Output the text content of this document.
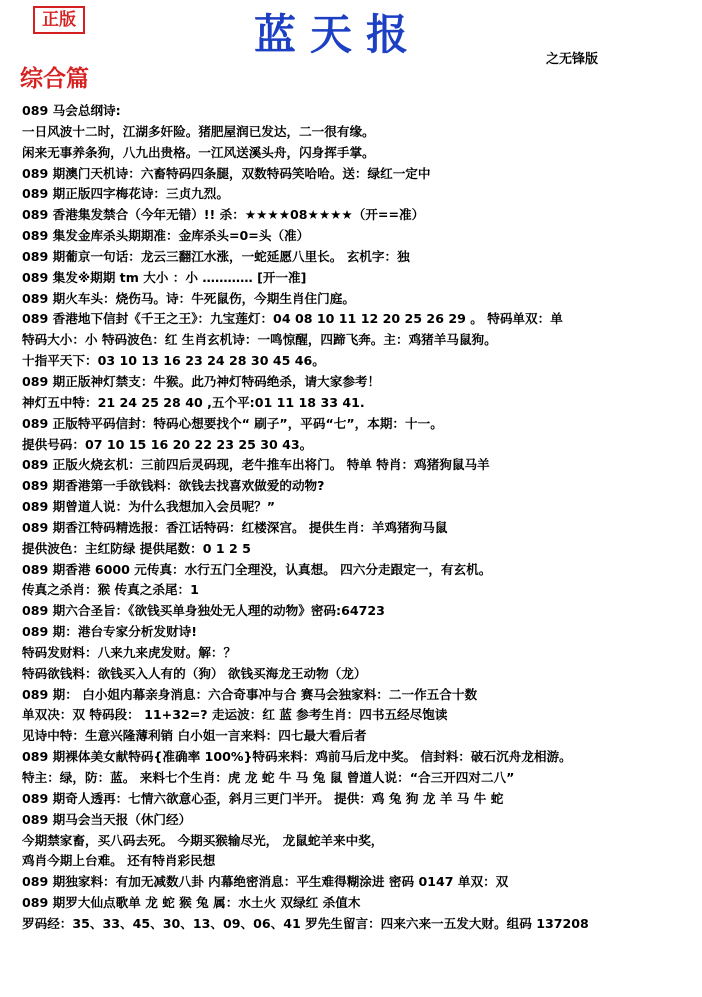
正版	蓝天报
之无锋版
综合篇
089 马会总纲诗:
一日风波十二时，江湖多奸险。猪肥屋润已发达，二一很有缘。
闲来无事养条狗，八九出贵格。一江风送溪头舟，闪身挥手掌。
089 期澳门天机诗：六畜特码四条腿，双数特码笑哈哈。送：绿红一定中
089 期正版四字梅花诗：三贞九烈。
089 香港集发禁合（今年无错）!! 杀：★★★★08★★★★（开==准）
089 集发金库杀头期期准：金库杀头=0=头（准）
089 期葡京一句话：龙云三翻江水涨，一蛇延愿八里长。 玄机字：独
089 集发※期期 tm 大小 ：小 ………… [开一准]
089 期火车头：烧伤马。诗：牛死鼠伤，今期生肖住门庭。
089 香港地下信封《千王之王》：九宝莲灯：04 08 10 11 12 20 25 26 29 。 特码单双：单
特码大小：小 特码波色：红 生肖玄机诗：一鸣惊醒，四蹄飞奔。主：鸡猪羊马鼠狗。
十指平天下：03 10 13 16 23 24 28 30 45 46。
089 期正版神灯禁支：牛猴。此乃神灯特码绝杀，请大家参考！
神灯五中特：21 24 25 28 40 ,五个平:01 11 18 33 41.
089 正版特平码信封：特码心想要找个“ 刷子”，平码“七”，本期：十一。
提供号码：07 10 15 16 20 22 23 25 30 43。
089 正版火烧玄机：三前四后灵码现，老牛推车出将门。 特单 特肖：鸡猪狗鼠马羊
089 期香港第一手欲钱料：欲钱去找喜欢做爱的动物?
089 期曾道人说：为什么我想加入会员呢？”
089 期香江特码精选报：香江话特码：红楼深宫。 提供生肖：羊鸡猪狗马鼠
提供波色：主红防绿 提供尾数：0 1 2 5
089 期香港 6000 元传真：水行五门全理没，认真想。 四六分走跟定一，有玄机。
传真之杀肖：猴 传真之杀尾：1
089 期六合圣旨：《欲钱买单身独处无人理的动物》密码:64723
089 期：港台专家分析发财诗!
特码发财料：八来九来虎发财。解：？
特码欲钱料：欲钱买入人有的（狗） 欲钱买海龙王动物（龙）
089 期： 白小姐内幕亲身消息：六合奇事冲与合 赛马会独家料：二一作五合十数
单双决：双 特码段： 11+32=? 走运波：红 蓝 参考生肖：四书五经尽饱读
见诗中特：生意兴隆薄利销 白小姐一言来料：四七最大看后者
089 期裸体美女献特码{准确率 100%}特码来料：鸡前马后龙中奖。 信封料：破石沉舟龙相游。
特主：绿，防：蓝。 来料七个生肖：虎 龙 蛇 牛 马 兔 鼠 曾道人说：“合三开四对二八”
089 期奇人透再：七情六欲意心歪，斜月三更门半开。 提供：鸡 兔 狗 龙 羊 马 牛 蛇
089 期马会当天报（休门经）
今期禁家畜，买八码去死。 今期买猴输尽光， 龙鼠蛇羊来中奖，
鸡肖今期上台难。 还有特肖彩民想
089 期独家料：有加无减数八卦 内幕绝密消息：平生难得糊涂进 密码 0147 单双：双
089 期罗大仙点歌单 龙 蛇 猴 兔 属：水土火 双绿红 杀值木
罗码经：35、33、45、30、13、09、06、41 罗先生留言：四来六来一五发大财。组码 137208
